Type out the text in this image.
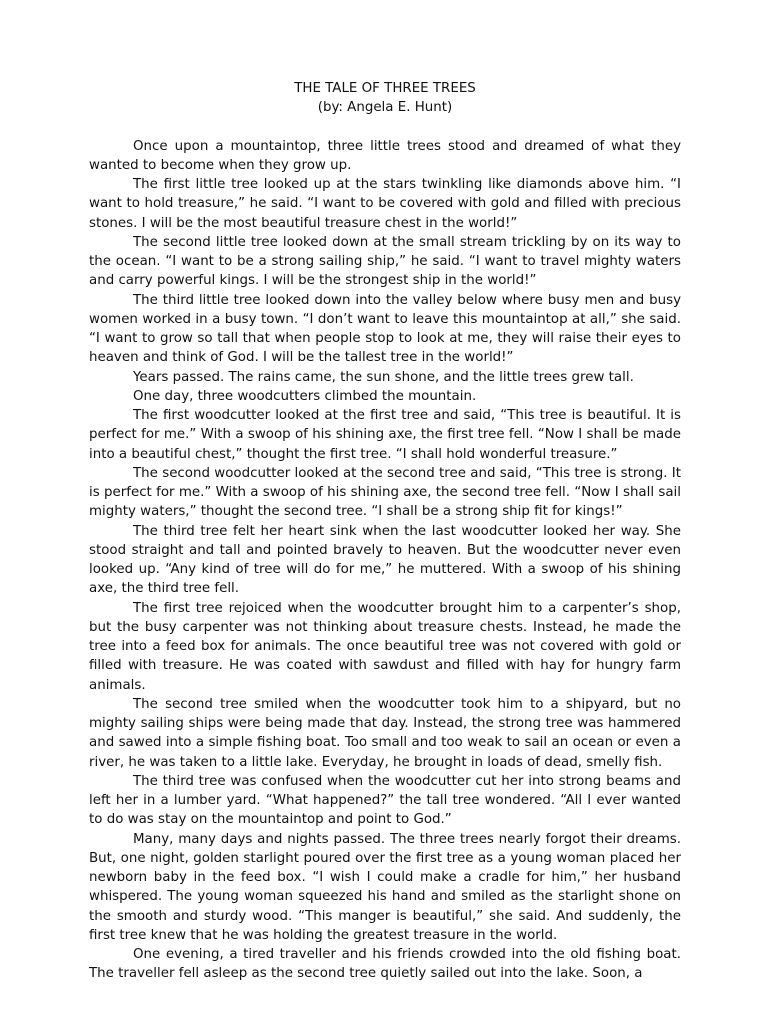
THE TALE OF THREE TREES
(by: Angela E. Hunt)

Once upon a mountaintop, three little trees stood and dreamed of what they wanted to become when they grow up.

The first little tree looked up at the stars twinkling like diamonds above him. “I want to hold treasure,” he said. “I want to be covered with gold and filled with precious stones. I will be the most beautiful treasure chest in the world!”

The second little tree looked down at the small stream trickling by on its way to the ocean. “I want to be a strong sailing ship,” he said. “I want to travel mighty waters and carry powerful kings. I will be the strongest ship in the world!”

The third little tree looked down into the valley below where busy men and busy women worked in a busy town. “I don’t want to leave this mountaintop at all,” she said. “I want to grow so tall that when people stop to look at me, they will raise their eyes to heaven and think of God. I will be the tallest tree in the world!”

Years passed. The rains came, the sun shone, and the little trees grew tall.

One day, three woodcutters climbed the mountain.

The first woodcutter looked at the first tree and said, “This tree is beautiful. It is perfect for me.” With a swoop of his shining axe, the first tree fell. “Now I shall be made into a beautiful chest,” thought the first tree. “I shall hold wonderful treasure.”

The second woodcutter looked at the second tree and said, “This tree is strong. It is perfect for me.” With a swoop of his shining axe, the second tree fell. “Now I shall sail mighty waters,” thought the second tree. “I shall be a strong ship fit for kings!”

The third tree felt her heart sink when the last woodcutter looked her way. She stood straight and tall and pointed bravely to heaven. But the woodcutter never even looked up. “Any kind of tree will do for me,” he muttered. With a swoop of his shining axe, the third tree fell.

The first tree rejoiced when the woodcutter brought him to a carpenter’s shop, but the busy carpenter was not thinking about treasure chests. Instead, he made the tree into a feed box for animals. The once beautiful tree was not covered with gold or filled with treasure. He was coated with sawdust and filled with hay for hungry farm animals.

The second tree smiled when the woodcutter took him to a shipyard, but no mighty sailing ships were being made that day. Instead, the strong tree was hammered and sawed into a simple fishing boat. Too small and too weak to sail an ocean or even a river, he was taken to a little lake. Everyday, he brought in loads of dead, smelly fish.

The third tree was confused when the woodcutter cut her into strong beams and left her in a lumber yard. “What happened?” the tall tree wondered. “All I ever wanted to do was stay on the mountaintop and point to God.”

Many, many days and nights passed. The three trees nearly forgot their dreams. But, one night, golden starlight poured over the first tree as a young woman placed her newborn baby in the feed box. “I wish I could make a cradle for him,” her husband whispered. The young woman squeezed his hand and smiled as the starlight shone on the smooth and sturdy wood. “This manger is beautiful,” she said. And suddenly, the first tree knew that he was holding the greatest treasure in the world.

One evening, a tired traveller and his friends crowded into the old fishing boat. The traveller fell asleep as the second tree quietly sailed out into the lake. Soon, a
